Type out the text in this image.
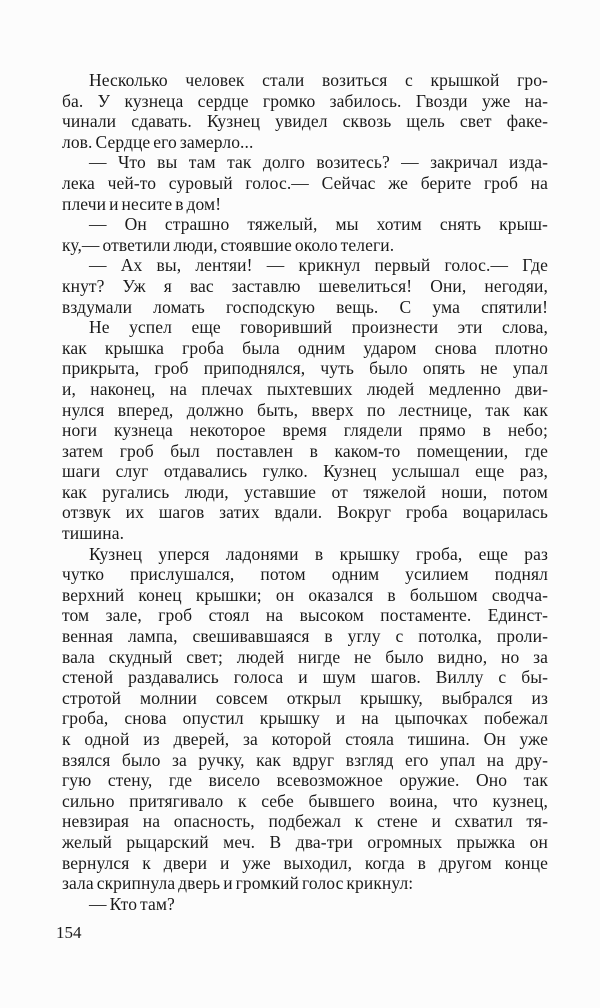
Несколько человек стали возиться с крышкой гро-
ба. У кузнеца сердце громко забилось. Гвозди уже на-
чинали сдавать. Кузнец увидел сквозь щель свет факе-
лов. Сердце его замерло...
— Что вы там так долго возитесь? — закричал изда-
лека чей-то суровый голос.— Сейчас же берите гроб на
плечи и несите в дом!
— Он страшно тяжелый, мы хотим снять крыш-
ку,— ответили люди, стоявшие около телеги.
— Ах вы, лентяи! — крикнул первый голос.— Где
кнут? Уж я вас заставлю шевелиться! Они, негодяи,
вздумали ломать господскую вещь. С ума спятили!
Не успел еще говоривший произнести эти слова,
как крышка гроба была одним ударом снова плотно
прикрыта, гроб приподнялся, чуть было опять не упал
и, наконец, на плечах пыхтевших людей медленно дви-
нулся вперед, должно быть, вверх по лестнице, так как
ноги кузнеца некоторое время глядели прямо в небо;
затем гроб был поставлен в каком-то помещении, где
шаги слуг отдавались гулко. Кузнец услышал еще раз,
как ругались люди, уставшие от тяжелой ноши, потом
отзвук их шагов затих вдали. Вокруг гроба воцарилась
тишина.
Кузнец уперся ладонями в крышку гроба, еще раз
чутко прислушался, потом одним усилием поднял
верхний конец крышки; он оказался в большом сводча-
том зале, гроб стоял на высоком постаменте. Единст-
венная лампа, свешивавшаяся в углу с потолка, проли-
вала скудный свет; людей нигде не было видно, но за
стеной раздавались голоса и шум шагов. Виллу с бы-
стротой молнии совсем открыл крышку, выбрался из
гроба, снова опустил крышку и на цыпочках побежал
к одной из дверей, за которой стояла тишина. Он уже
взялся было за ручку, как вдруг взгляд его упал на дру-
гую стену, где висело всевозможное оружие. Оно так
сильно притягивало к себе бывшего воина, что кузнец,
невзирая на опасность, подбежал к стене и схватил тя-
желый рыцарский меч. В два-три огромных прыжка он
вернулся к двери и уже выходил, когда в другом конце
зала скрипнула дверь и громкий голос крикнул:
— Кто там?
154
